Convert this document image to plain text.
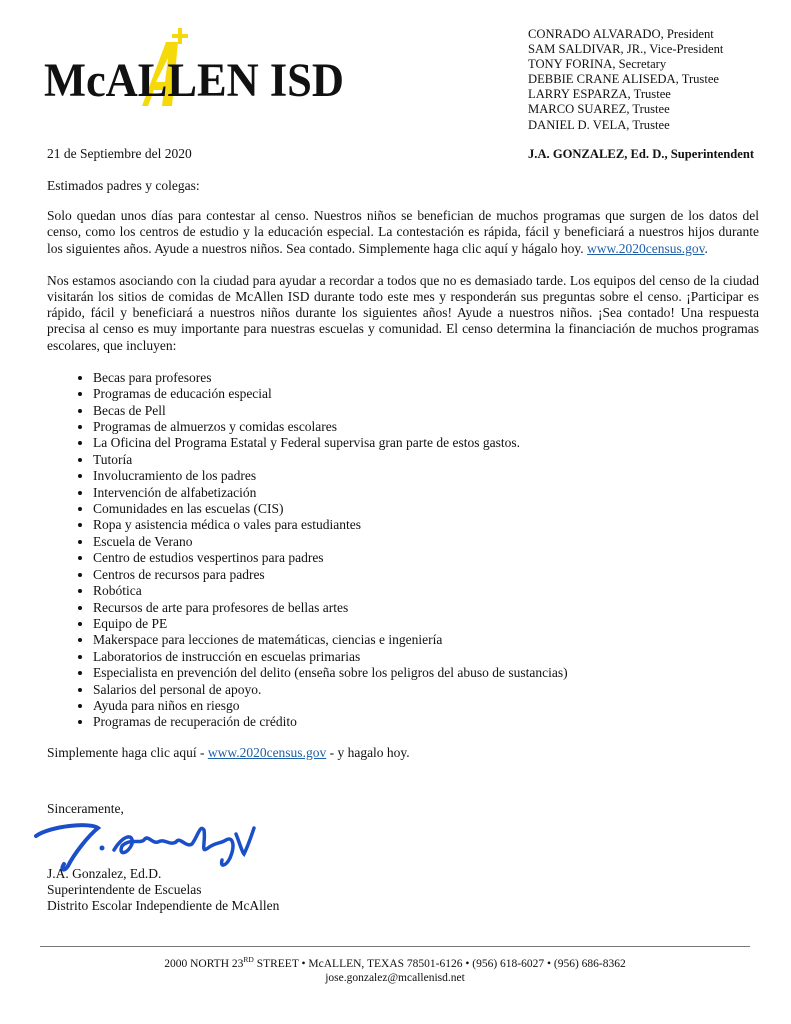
McALLEN ISD
CONRADO ALVARADO, President
SAM SALDIVAR, JR., Vice-President
TONY FORINA, Secretary
DEBBIE CRANE ALISEDA, Trustee
LARRY ESPARZA, Trustee
MARCO SUAREZ, Trustee
DANIEL D. VELA, Trustee
21 de Septiembre del 2020	J.A. GONZALEZ, Ed. D., Superintendent

Estimados padres y colegas:

Solo quedan unos días para contestar al censo. Nuestros niños se benefician de muchos programas que surgen de los datos del censo, como los centros de estudio y la educación especial. La contestación es rápida, fácil y beneficiará a nuestros hijos durante los siguientes años. Ayude a nuestros niños. Sea contado. Simplemente haga clic aquí y hágalo hoy. www.2020census.gov.

Nos estamos asociando con la ciudad para ayudar a recordar a todos que no es demasiado tarde. Los equipos del censo de la ciudad visitarán los sitios de comidas de McAllen ISD durante todo este mes y responderán sus preguntas sobre el censo. ¡Participar es rápido, fácil y beneficiará a nuestros niños durante los siguientes años! Ayude a nuestros niños. ¡Sea contado! Una respuesta precisa al censo es muy importante para nuestras escuelas y comunidad. El censo determina la financiación de muchos programas escolares, que incluyen:

• Becas para profesores
• Programas de educación especial
• Becas de Pell
• Programas de almuerzos y comidas escolares
• La Oficina del Programa Estatal y Federal supervisa gran parte de estos gastos.
• Tutoría
• Involucramiento de los padres
• Intervención de alfabetización
• Comunidades en las escuelas (CIS)
• Ropa y asistencia médica o vales para estudiantes
• Escuela de Verano
• Centro de estudios vespertinos para padres
• Centros de recursos para padres
• Robótica
• Recursos de arte para profesores de bellas artes
• Equipo de PE
• Makerspace para lecciones de matemáticas, ciencias e ingeniería
• Laboratorios de instrucción en escuelas primarias
• Especialista en prevención del delito (enseña sobre los peligros del abuso de sustancias)
• Salarios del personal de apoyo.
• Ayuda para niños en riesgo
• Programas de recuperación de crédito

Simplemente haga clic aquí - www.2020census.gov - y hagalo hoy.

Sinceramente,
J.A. Gonzalez, Ed.D.
Superintendente de Escuelas
Distrito Escolar Independiente de McAllen
2000 NORTH 23RD STREET • McALLEN, TEXAS 78501-6126 • (956) 618-6027 • (956) 686-8362
jose.gonzalez@mcallenisd.net
